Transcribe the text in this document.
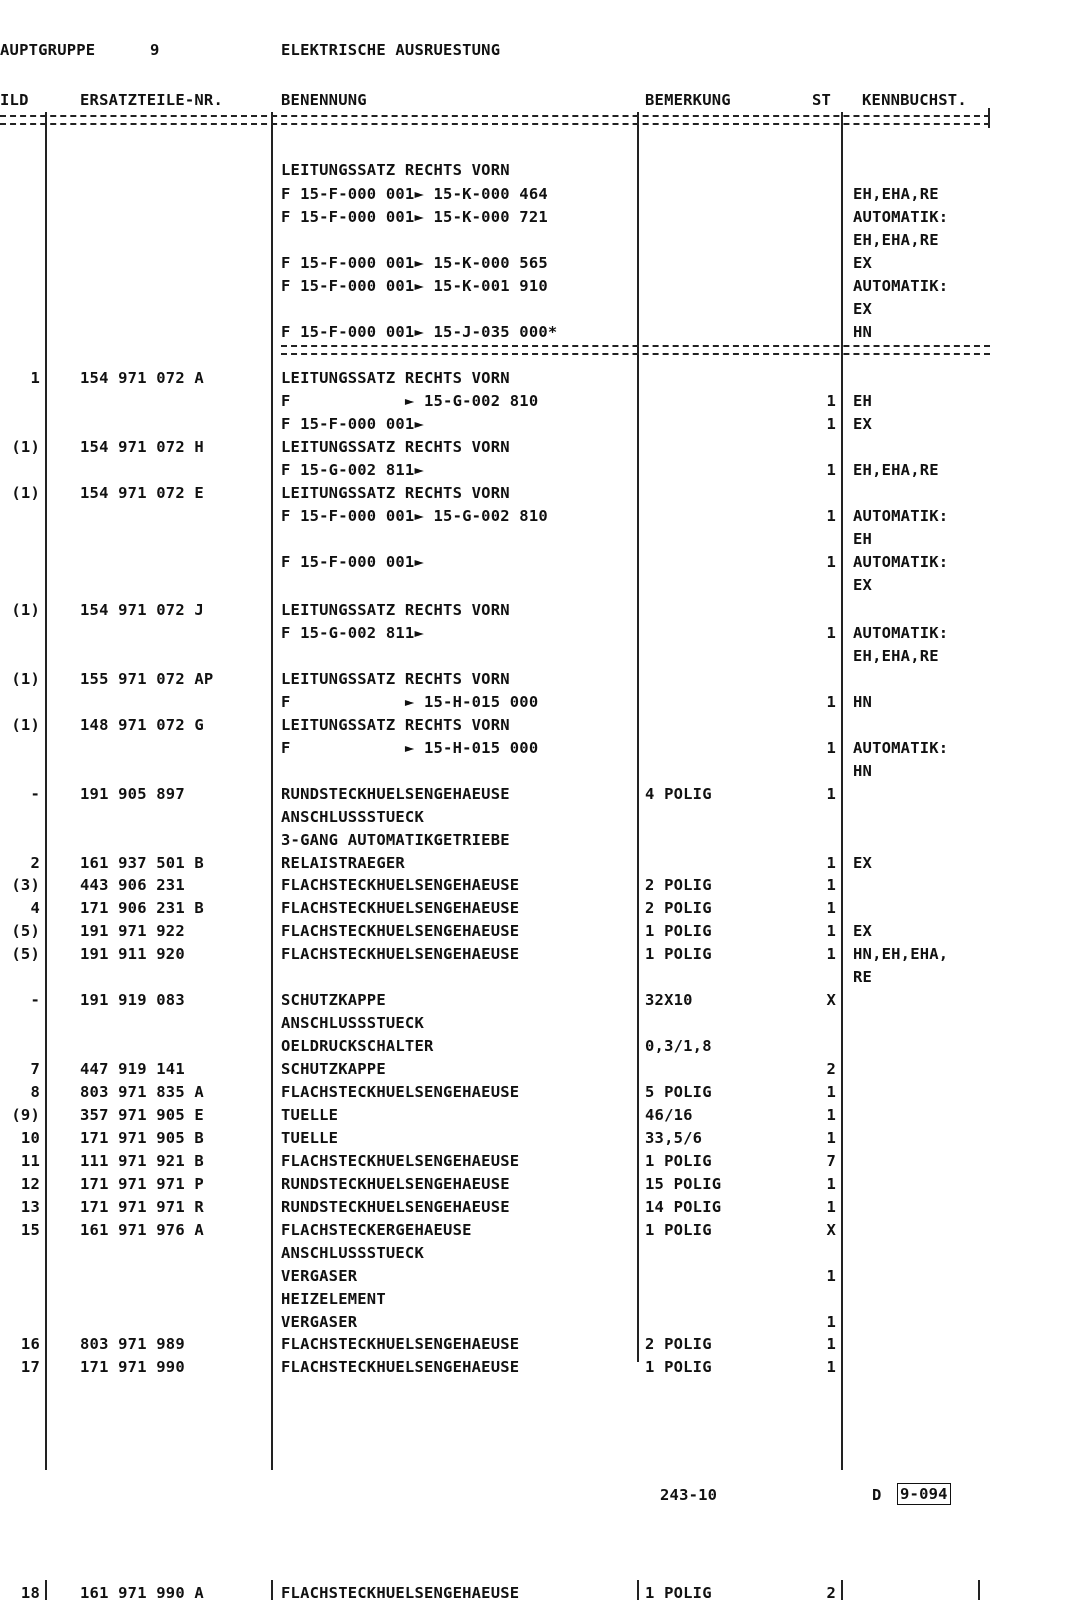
AUPTGRUPPE	9	ELEKTRISCHE AUSRUESTUNG
ILD	ERSATZTEILE-NR.	BENENNUNG	BEMERKUNG	ST KENNBUCHST.
LEITUNGSSATZ RECHTS VORN
F 15-F-000 001► 15-K-000 464	EH,EHA,RE
F 15-F-000 001► 15-K-000 721	AUTOMATIK:
EH,EHA,RE
F 15-F-000 001► 15-K-000 565	EX
F 15-F-000 001► 15-K-001 910	AUTOMATIK:
EX
F 15-F-000 001► 15-J-035 000*	HN
1	154 971 072 A	LEITUNGSSATZ RECHTS VORN
F            ► 15-G-002 810	1 EH
F 15-F-000 001►	1 EX
(1)	154 971 072 H	LEITUNGSSATZ RECHTS VORN
F 15-G-002 811►	1 EH,EHA,RE
(1)	154 971 072 E	LEITUNGSSATZ RECHTS VORN
F 15-F-000 001► 15-G-002 810	1 AUTOMATIK:
EH
F 15-F-000 001►	1 AUTOMATIK:
EX
(1)	154 971 072 J	LEITUNGSSATZ RECHTS VORN
F 15-G-002 811►	1 AUTOMATIK:
EH,EHA,RE
(1)	155 971 072 AP	LEITUNGSSATZ RECHTS VORN
F            ► 15-H-015 000	1 HN
(1)	148 971 072 G	LEITUNGSSATZ RECHTS VORN
F            ► 15-H-015 000	1 AUTOMATIK:
HN
-	191 905 897	RUNDSTECKHUELSENGEHAEUSE	4 POLIG	1
ANSCHLUSSSTUECK
3-GANG AUTOMATIKGETRIEBE
2	161 937 501 B	RELAISTRAEGER	1 EX
(3)	443 906 231	FLACHSTECKHUELSENGEHAEUSE	2 POLIG	1
4	171 906 231 B	FLACHSTECKHUELSENGEHAEUSE	2 POLIG	1
(5)	191 971 922	FLACHSTECKHUELSENGEHAEUSE	1 POLIG	1 EX
(5)	191 911 920	FLACHSTECKHUELSENGEHAEUSE	1 POLIG	1 HN,EH,EHA,
RE
-	191 919 083	SCHUTZKAPPE	32X10	X
ANSCHLUSSSTUECK
OELDRUCKSCHALTER	0,3/1,8
7	447 919 141	SCHUTZKAPPE	2
8	803 971 835 A	FLACHSTECKHUELSENGEHAEUSE	5 POLIG	1
(9)	357 971 905 E	TUELLE	46/16	1
10	171 971 905 B	TUELLE	33,5/6	1
11	111 971 921 B	FLACHSTECKHUELSENGEHAEUSE	1 POLIG	7
12	171 971 971 P	RUNDSTECKHUELSENGEHAEUSE	15 POLIG	1
13	171 971 971 R	RUNDSTECKHUELSENGEHAEUSE	14 POLIG	1
15	161 971 976 A	FLACHSTECKERGEHAEUSE	1 POLIG	X
ANSCHLUSSSTUECK
VERGASER	1
HEIZELEMENT
VERGASER	1
16	803 971 989	FLACHSTECKHUELSENGEHAEUSE	2 POLIG	1
17	171 971 990	FLACHSTECKHUELSENGEHAEUSE	1 POLIG	1
243-10	D 9-094
18	161 971 990 A	FLACHSTECKHUELSENGEHAEUSE	1 POLIG	2
